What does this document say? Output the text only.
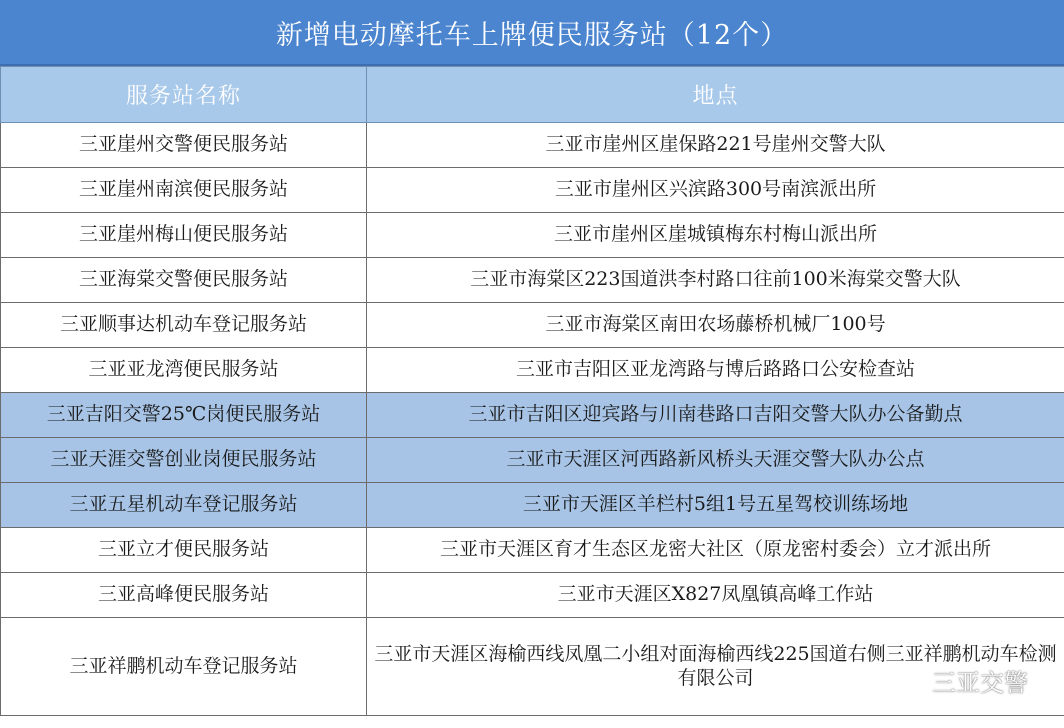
新增电动摩托车上牌便民服务站（12个）
服务站名称	地点
三亚崖州交警便民服务站	三亚市崖州区崖保路221号崖州交警大队
三亚崖州南滨便民服务站	三亚市崖州区兴滨路300号南滨派出所
三亚崖州梅山便民服务站	三亚市崖州区崖城镇梅东村梅山派出所
三亚海棠交警便民服务站	三亚市海棠区223国道洪李村路口往前100米海棠交警大队
三亚顺事达机动车登记服务站	三亚市海棠区南田农场藤桥机械厂100号
三亚亚龙湾便民服务站	三亚市吉阳区亚龙湾路与博后路路口公安检查站
三亚吉阳交警25℃岗便民服务站	三亚市吉阳区迎宾路与川南巷路口吉阳交警大队办公备勤点
三亚天涯交警创业岗便民服务站	三亚市天涯区河西路新风桥头天涯交警大队办公点
三亚五星机动车登记服务站	三亚市天涯区羊栏村5组1号五星驾校训练场地
三亚立才便民服务站	三亚市天涯区育才生态区龙密大社区（原龙密村委会）立才派出所
三亚高峰便民服务站	三亚市天涯区X827凤凰镇高峰工作站
三亚祥鹏机动车登记服务站	三亚市天涯区海榆西线凤凰二小组对面海榆西线225国道右侧三亚祥鹏机动车检测有限公司	三亚交警
